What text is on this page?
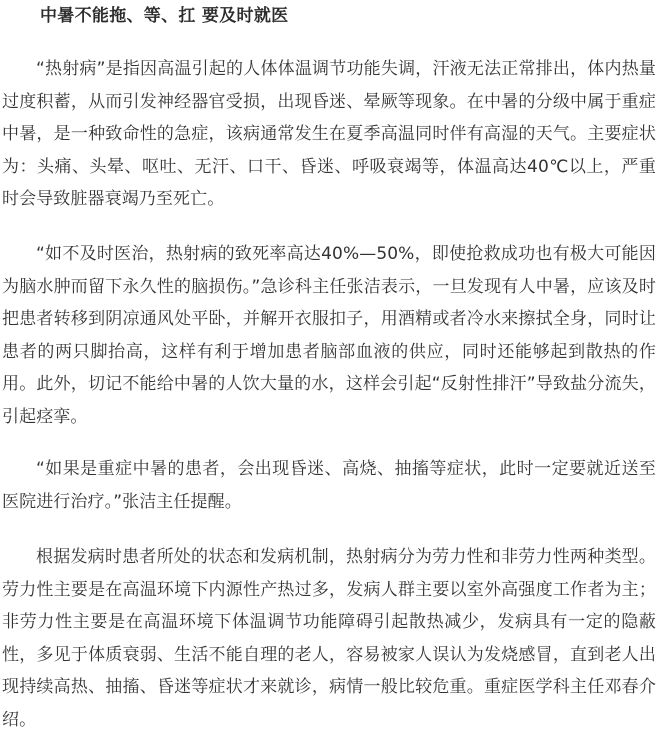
中暑不能拖、等、扛 要及时就医

“热射病”是指因高温引起的人体体温调节功能失调，汗液无法正常排出，体内热量过度积蓄，从而引发神经器官受损，出现昏迷、晕厥等现象。在中暑的分级中属于重症中暑，是一种致命性的急症，该病通常发生在夏季高温同时伴有高湿的天气。主要症状为：头痛、头晕、呕吐、无汗、口干、昏迷、呼吸衰竭等，体温高达40℃以上，严重时会导致脏器衰竭乃至死亡。

“如不及时医治，热射病的致死率高达40%—50%，即使抢救成功也有极大可能因为脑水肿而留下永久性的脑损伤。”急诊科主任张洁表示，一旦发现有人中暑，应该及时把患者转移到阴凉通风处平卧，并解开衣服扣子，用酒精或者冷水来擦拭全身，同时让患者的两只脚抬高，这样有利于增加患者脑部血液的供应，同时还能够起到散热的作用。此外，切记不能给中暑的人饮大量的水，这样会引起“反射性排汗”导致盐分流失，引起痉挛。

“如果是重症中暑的患者，会出现昏迷、高烧、抽搐等症状，此时一定要就近送至医院进行治疗。”张洁主任提醒。

根据发病时患者所处的状态和发病机制，热射病分为劳力性和非劳力性两种类型。劳力性主要是在高温环境下内源性产热过多，发病人群主要以室外高强度工作者为主；非劳力性主要是在高温环境下体温调节功能障碍引起散热减少，发病具有一定的隐蔽性，多见于体质衰弱、生活不能自理的老人，容易被家人误认为发烧感冒，直到老人出现持续高热、抽搐、昏迷等症状才来就诊，病情一般比较危重。重症医学科主任邓春介绍。
